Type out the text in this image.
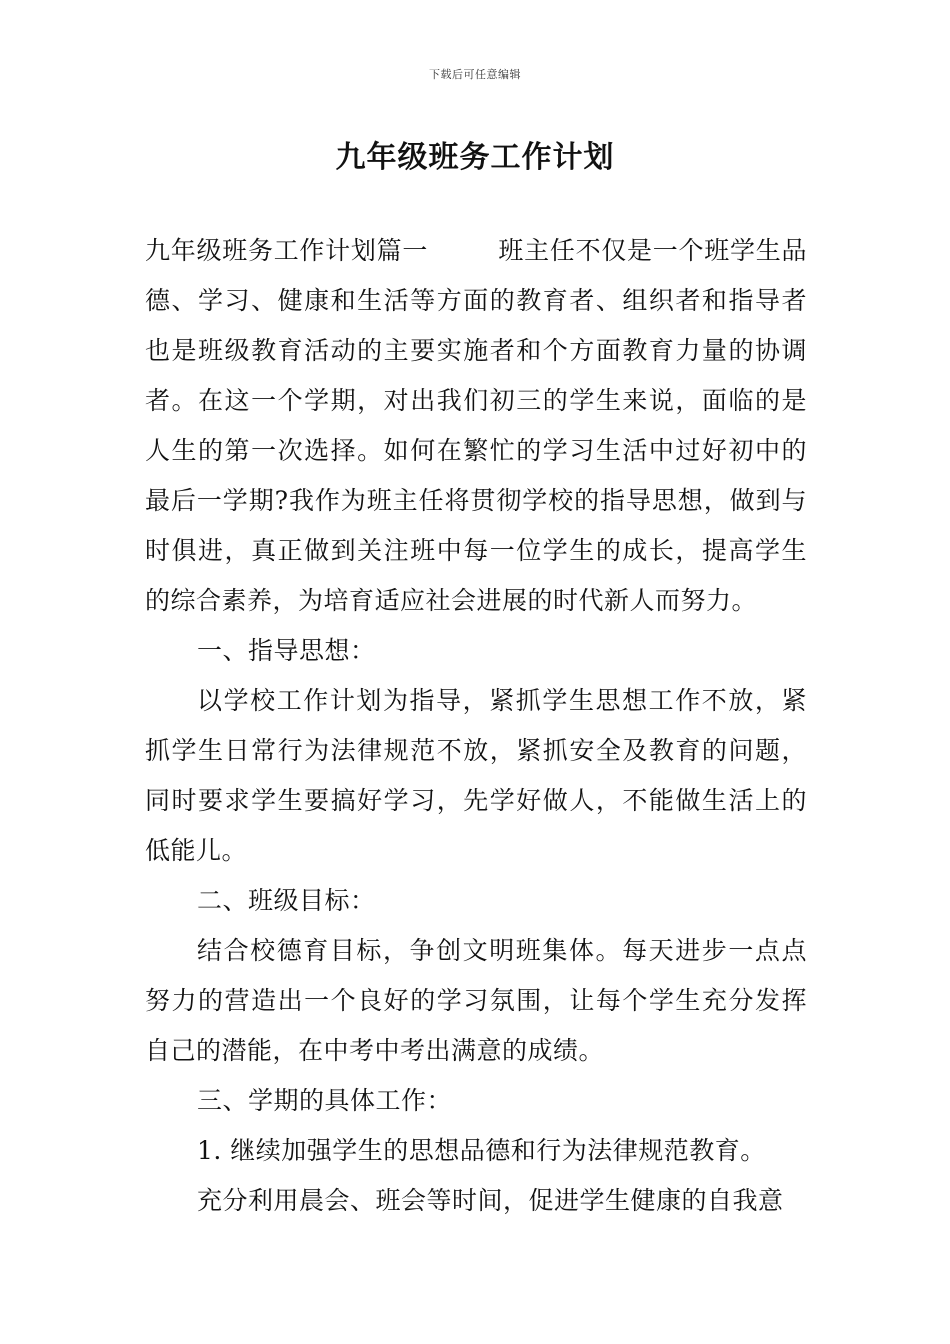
下载后可任意编辑
九年级班务工作计划

九年级班务工作计划篇一	班主任不仅是一个班学生品德、学习、健康和生活等方面的教育者、组织者和指导者也是班级教育活动的主要实施者和个方面教育力量的协调者。在这一个学期，对出我们初三的学生来说，面临的是人生的第一次选择。如何在繁忙的学习生活中过好初中的最后一学期?我作为班主任将贯彻学校的指导思想，做到与时俱进，真正做到关注班中每一位学生的成长，提高学生的综合素养，为培育适应社会进展的时代新人而努力。

一、指导思想：

以学校工作计划为指导，紧抓学生思想工作不放，紧抓学生日常行为法律规范不放，紧抓安全及教育的问题，同时要求学生要搞好学习，先学好做人，不能做生活上的低能儿。

二、班级目标：

结合校德育目标，争创文明班集体。每天进步一点点努力的营造出一个良好的学习氛围，让每个学生充分发挥自己的潜能，在中考中考出满意的成绩。

三、学期的具体工作：

1. 继续加强学生的思想品德和行为法律规范教育。

充分利用晨会、班会等时间，促进学生健康的自我意
